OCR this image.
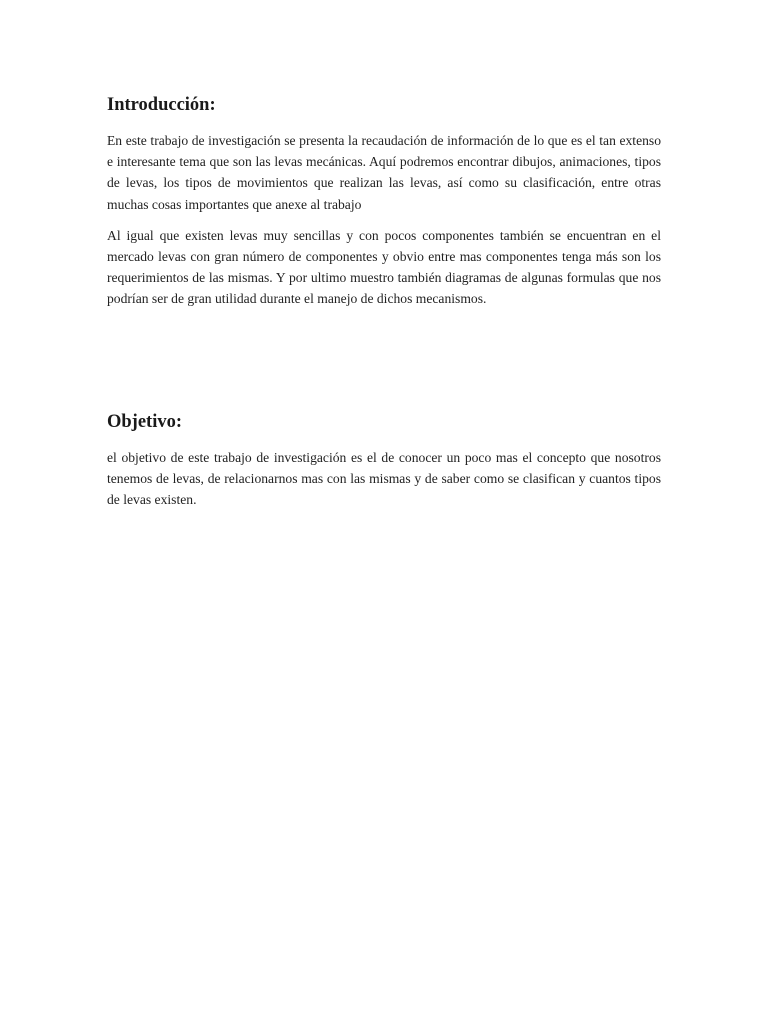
Introducción:

En este trabajo de investigación se presenta la recaudación de información de lo que es el tan extenso e interesante tema que son las levas mecánicas. Aquí podremos encontrar dibujos, animaciones, tipos de levas, los tipos de movimientos que realizan las levas, así como su clasificación, entre otras muchas cosas importantes que anexe al trabajo

Al igual que existen levas muy sencillas y con pocos componentes también se encuentran en el mercado levas con gran número de componentes y obvio entre mas componentes tenga más son los requerimientos de las mismas. Y por ultimo muestro también diagramas de algunas formulas que nos podrían ser de gran utilidad durante el manejo de dichos mecanismos.

Objetivo:

el objetivo de este trabajo de investigación es el de conocer un poco mas el concepto que nosotros tenemos de levas, de relacionarnos mas con las mismas y de saber como se clasifican y cuantos tipos de levas existen.
